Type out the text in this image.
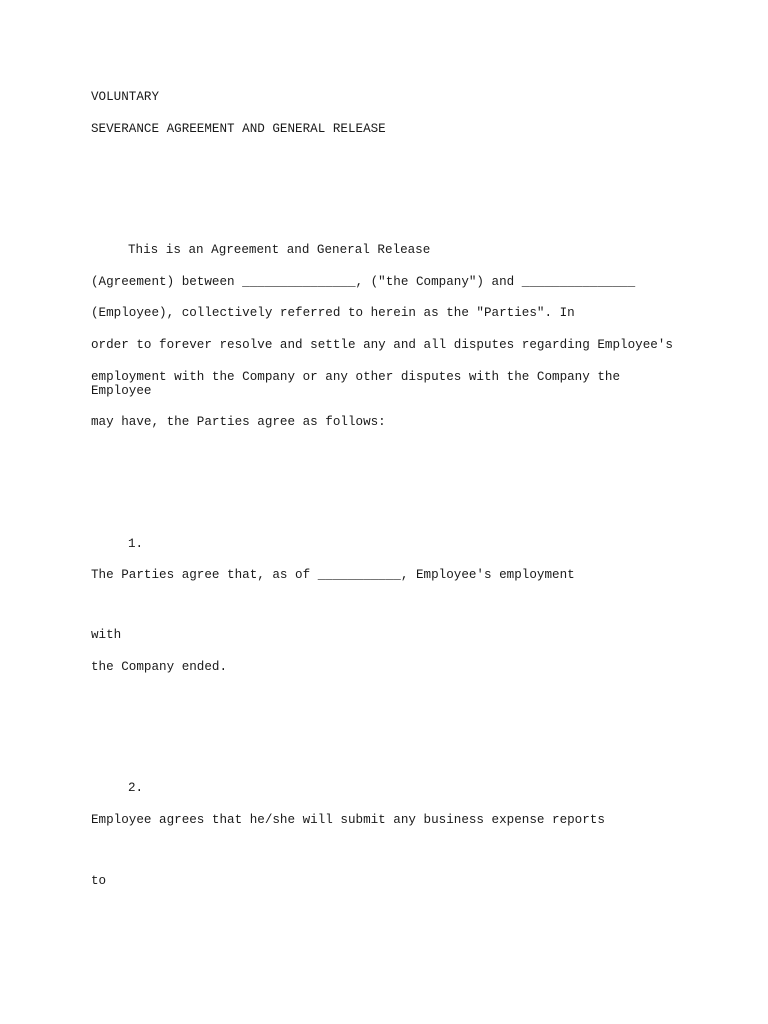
VOLUNTARY

SEVERANCE AGREEMENT AND GENERAL RELEASE

This is an Agreement and General Release

(Agreement) between _______________, ("the Company") and _______________

(Employee), collectively referred to herein as the "Parties". In

order to forever resolve and settle any and all disputes regarding Employee's

employment with the Company or any other disputes with the Company the Employee

may have, the Parties agree as follows:

1.

The Parties agree that, as of ___________, Employee's employment

with

the Company ended.

2.

Employee agrees that he/she will submit any business expense reports

to
